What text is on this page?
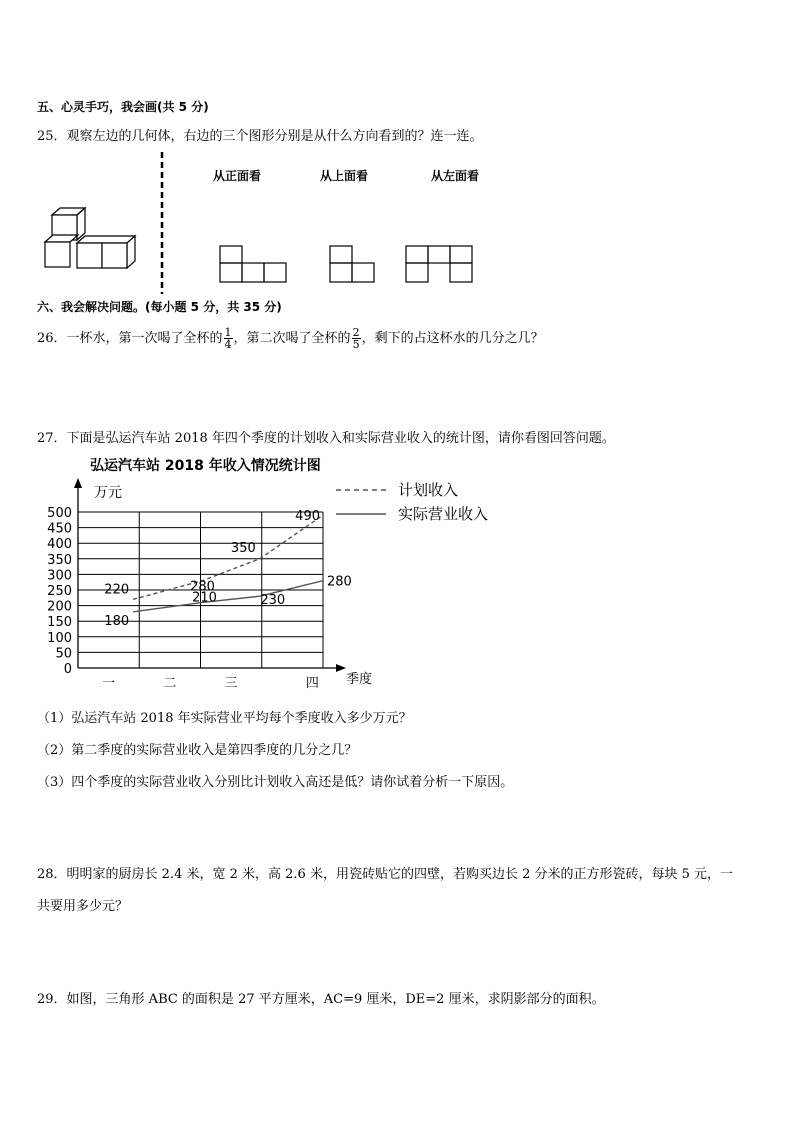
五、心灵手巧，我会画(共 5 分)
25．观察左边的几何体，右边的三个图形分别是从什么方向看到的？连一连。
从正面看	从上面看	从左面看
六、我会解决问题。(每小题 5 分，共 35 分)
26．一杯水，第一次喝了全杯的 $\frac{1}{4}$ ，第二次喝了全杯的 $\frac{2}{5}$ ，剩下的占这杯水的几分之几？
27．下面是弘运汽车站 2018 年四个季度的计划收入和实际营业收入的统计图，请你看图回答问题。
弘运汽车站 2018 年收入情况统计图
万元
季度
0
50
100
150
200
250
300
350
400
450
500
一	二	三	四
220	280
350
490
180
210	230
280
计划收入
实际营业收入
（1）弘运汽车站 2018 年实际营业平均每个季度收入多少万元？
（2）第二季度的实际营业收入是第四季度的几分之几？
（3）四个季度的实际营业收入分别比计划收入高还是低？请你试着分析一下原因。
28．明明家的厨房长 2.4 米，宽 2 米，高 2.6 米，用瓷砖贴它的四壁，若购买边长 2 分米的正方形瓷砖，每块 5 元，一
共要用多少元？
29．如图，三角形 ABC 的面积是 27 平方厘米，AC=9 厘米，DE=2 厘米，求阴影部分的面积。
